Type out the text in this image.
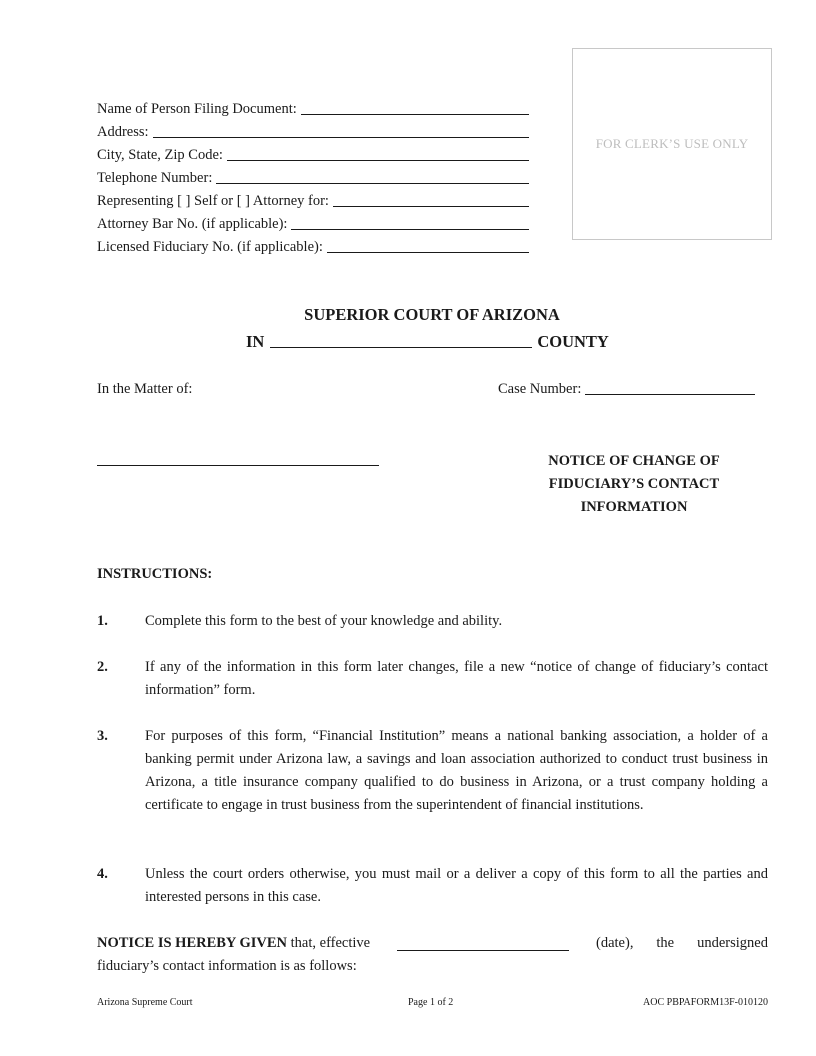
Name of Person Filing Document:
Address:
City, State, Zip Code:
Telephone Number:
Representing [ ] Self or [ ] Attorney for:
Attorney Bar No. (if applicable):
Licensed Fiduciary No. (if applicable):
FOR CLERK’S USE ONLY
SUPERIOR COURT OF ARIZONA
IN	COUNTY
In the Matter of:	Case Number:
NOTICE OF CHANGE OF
FIDUCIARY’S CONTACT
INFORMATION
INSTRUCTIONS:
1.	Complete this form to the best of your knowledge and ability.
2.	If any of the information in this form later changes, file a new “notice of change of fiduciary’s contact information” form.
3.	For purposes of this form, “Financial Institution” means a national banking association, a holder of a banking permit under Arizona law, a savings and loan association authorized to conduct trust business in Arizona, a title insurance company qualified to do business in Arizona, or a trust company holding a certificate to engage in trust business from the superintendent of financial institutions.
4.	Unless the court orders otherwise, you must mail or a deliver a copy of this form to all the parties and interested persons in this case.
NOTICE IS HEREBY GIVEN that, effective	(date), the undersigned
fiduciary’s contact information is as follows:
Arizona Supreme Court	Page 1 of 2	AOC PBPAFORM13F-010120
